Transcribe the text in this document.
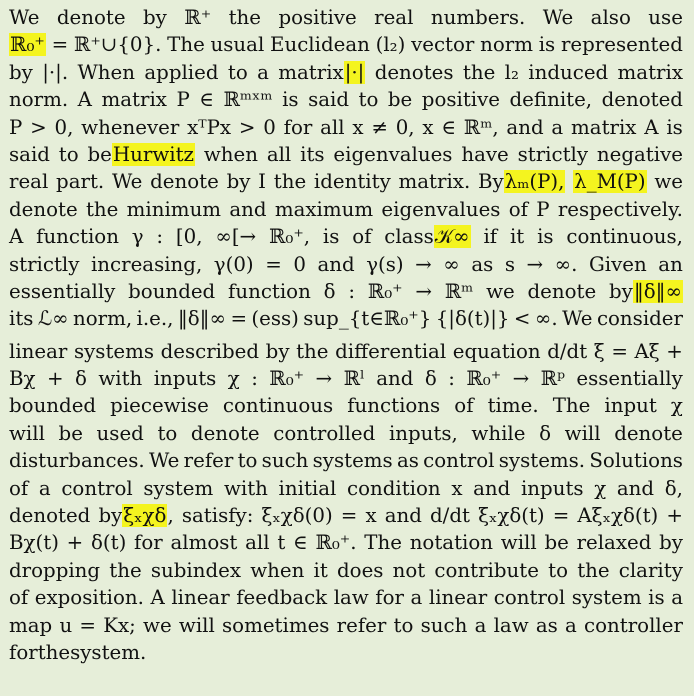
We denote by ℝ⁺ the positive real numbers. We also use
ℝ₀⁺ = ℝ⁺∪{0}. The usual Euclidean (l₂) vector norm is represented
by |·|. When applied to a matrix|·| denotes the l₂ induced matrix
norm. A matrix P ∈ ℝᵐˣᵐ is said to be positive definite, denoted
P > 0, whenever xᵀPx > 0 for all x ≠ 0, x ∈ ℝᵐ, and a matrix A is
said to beHurwitz when all its eigenvalues have strictly negative
real part. We denote by I the identity matrix. Byλₘ(P), λ_M(P) we
denote the minimum and maximum eigenvalues of P respectively.
A function γ : [0, ∞[→ ℝ₀⁺, is of class𝒦∞ if it is continuous,
strictly increasing, γ(0) = 0 and γ(s) → ∞ as s → ∞. Given an
essentially bounded function δ : ℝ₀⁺ → ℝᵐ we denote by‖δ‖∞
its ℒ∞ norm, i.e., ‖δ‖∞ = (ess) sup_{t∈ℝ₀⁺} {|δ(t)|} < ∞. We consider
linear systems described by the differential equation d/dt ξ = Aξ +
Bχ + δ with inputs χ : ℝ₀⁺ → ℝˡ and δ : ℝ₀⁺ → ℝᵖ essentially
bounded piecewise continuous functions of time. The input χ
will be used to denote controlled inputs, while δ will denote
disturbances. We refer to such systems as control systems. Solutions
of a control system with initial condition x and inputs χ and δ,
denoted byξₓχδ, satisfy: ξₓχδ(0) = x and d/dt ξₓχδ(t) = Aξₓχδ(t) +
Bχ(t) + δ(t) for almost all t ∈ ℝ₀⁺. The notation will be relaxed by
dropping the subindex when it does not contribute to the clarity
of exposition. A linear feedback law for a linear control system is a
map u = Kx; we will sometimes refer to such a law as a controller
for the system.
